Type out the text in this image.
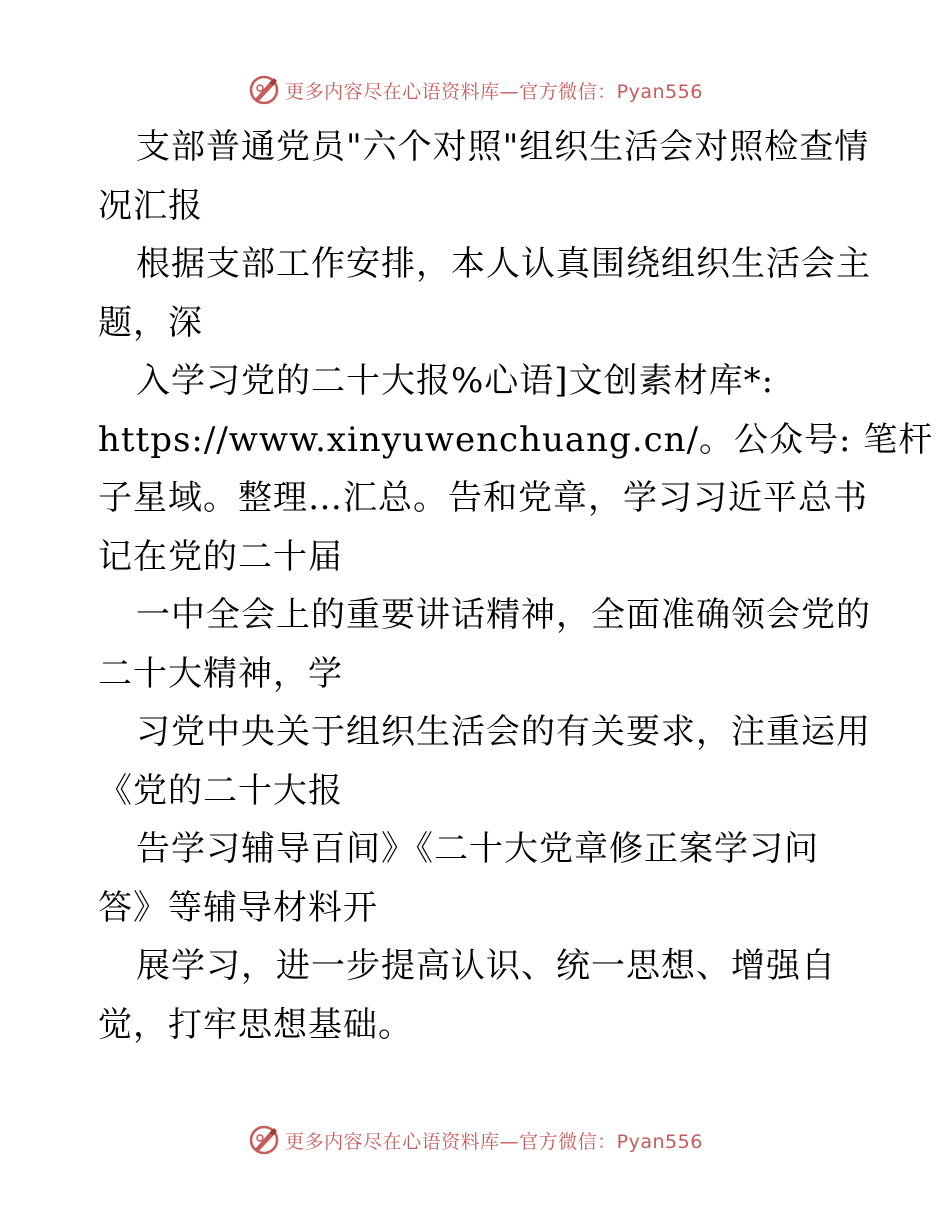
更多内容尽在心语资料库—官方微信：Pyan556
支部普通党员"六个对照"组织生活会对照检查情
况汇报
根据支部工作安排，本人认真围绕组织生活会主
题，深
入学习党的二十大报%心语]文创素材库*:
https://www.xinyuwenchuang.cn/。公众号: 笔杆
子星域。整理…汇总。告和党章，学习习近平总书
记在党的二十届
一中全会上的重要讲话精神，全面准确领会党的
二十大精神，学
习党中央关于组织生活会的有关要求，注重运用
《党的二十大报
告学习辅导百间》《二十大党章修正案学习问
答》等辅导材料开
展学习，进一步提高认识、统一思想、增强自
觉，打牢思想基础。
更多内容尽在心语资料库—官方微信：Pyan556
